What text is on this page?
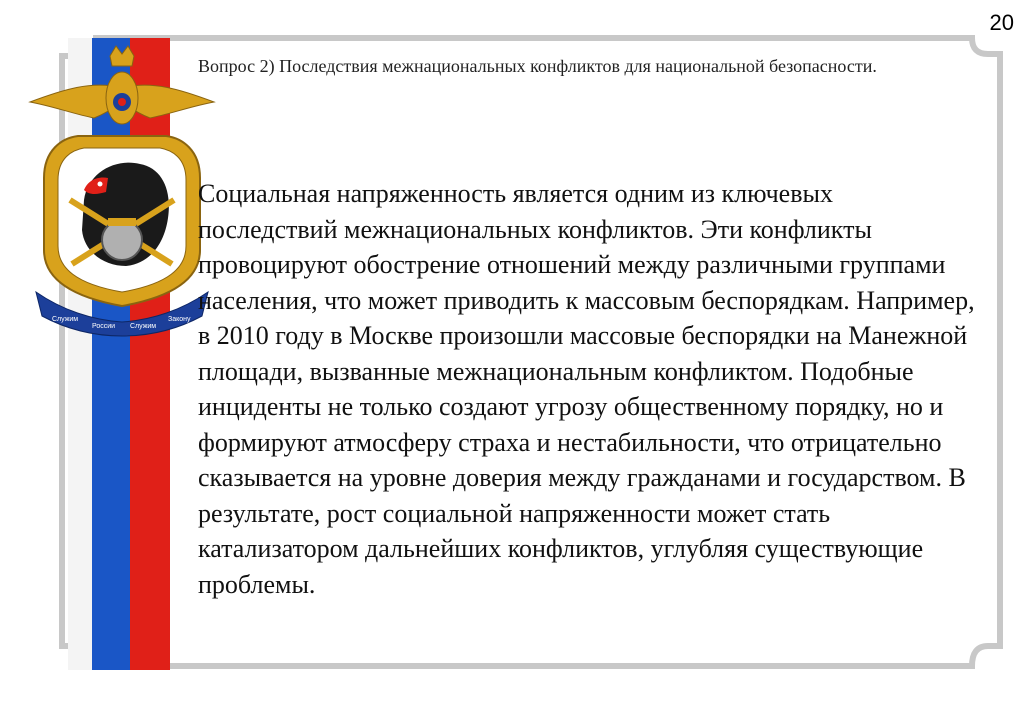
Служим
России Служим
Закону
20
Вопрос 2) Последствия межнациональных конфликтов для национальной безопасности.
Социальная напряженность является одним из ключевых последствий межнациональных конфликтов. Эти конфликты провоцируют обострение отношений между различными группами населения, что может приводить к массовым беспорядкам. Например, в 2010 году в Москве произошли массовые беспорядки на Манежной площади, вызванные межнациональным конфликтом. Подобные инциденты не только создают угрозу общественному порядку, но и формируют атмосферу страха и нестабильности, что отрицательно сказывается на уровне доверия между гражданами и государством. В результате, рост социальной напряженности может стать катализатором дальнейших конфликтов, углубляя существующие проблемы.
